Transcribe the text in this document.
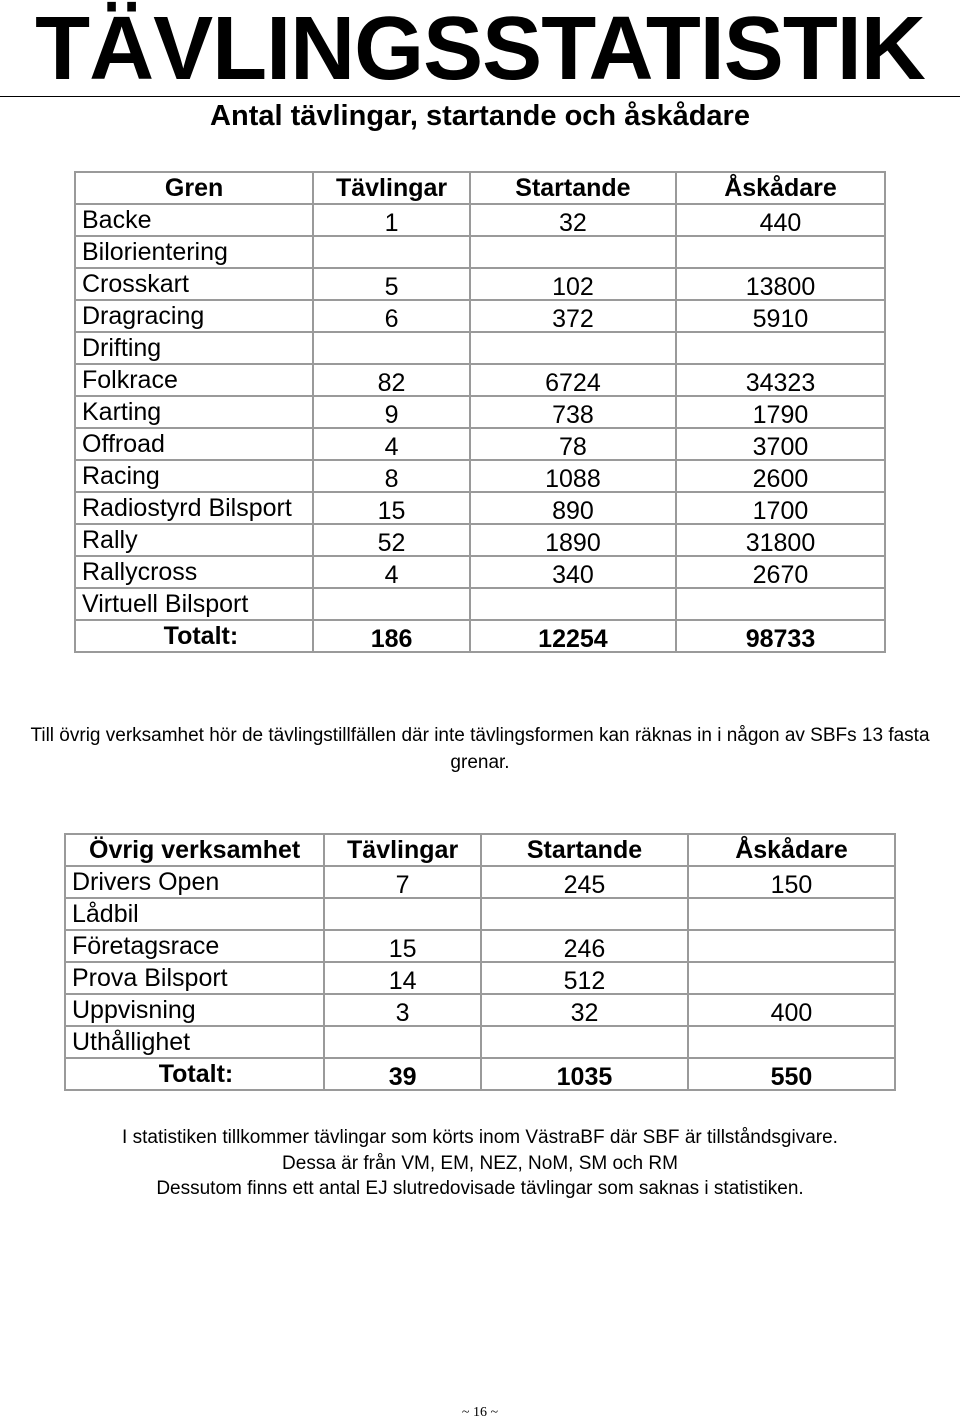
TÄVLINGSSTATISTIK
Antal tävlingar, startande och åskådare
Gren	Tävlingar	Startande	Åskådare
Backe	1	32	440
Bilorientering			
Crosskart	5	102	13800
Dragracing	6	372	5910
Drifting			
Folkrace	82	6724	34323
Karting	9	738	1790
Offroad	4	78	3700
Racing	8	1088	2600
Radiostyrd Bilsport	15	890	1700
Rally	52	1890	31800
Rallycross	4	340	2670
Virtuell Bilsport			
Totalt:	186	12254	98733
Till övrig verksamhet hör de tävlingstillfällen där inte tävlingsformen kan räknas in i någon av SBFs 13 fasta grenar.
Övrig verksamhet	Tävlingar	Startande	Åskådare
Drivers Open	7	245	150
Lådbil			
Företagsrace	15	246	
Prova Bilsport	14	512	
Uppvisning	3	32	400
Uthållighet			
Totalt:	39	1035	550
I statistiken tillkommer tävlingar som körts inom VästraBF där SBF är tillståndsgivare.
Dessa är från VM, EM, NEZ, NoM, SM och RM
Dessutom finns ett antal EJ slutredovisade tävlingar som saknas i statistiken.
~ 16 ~
